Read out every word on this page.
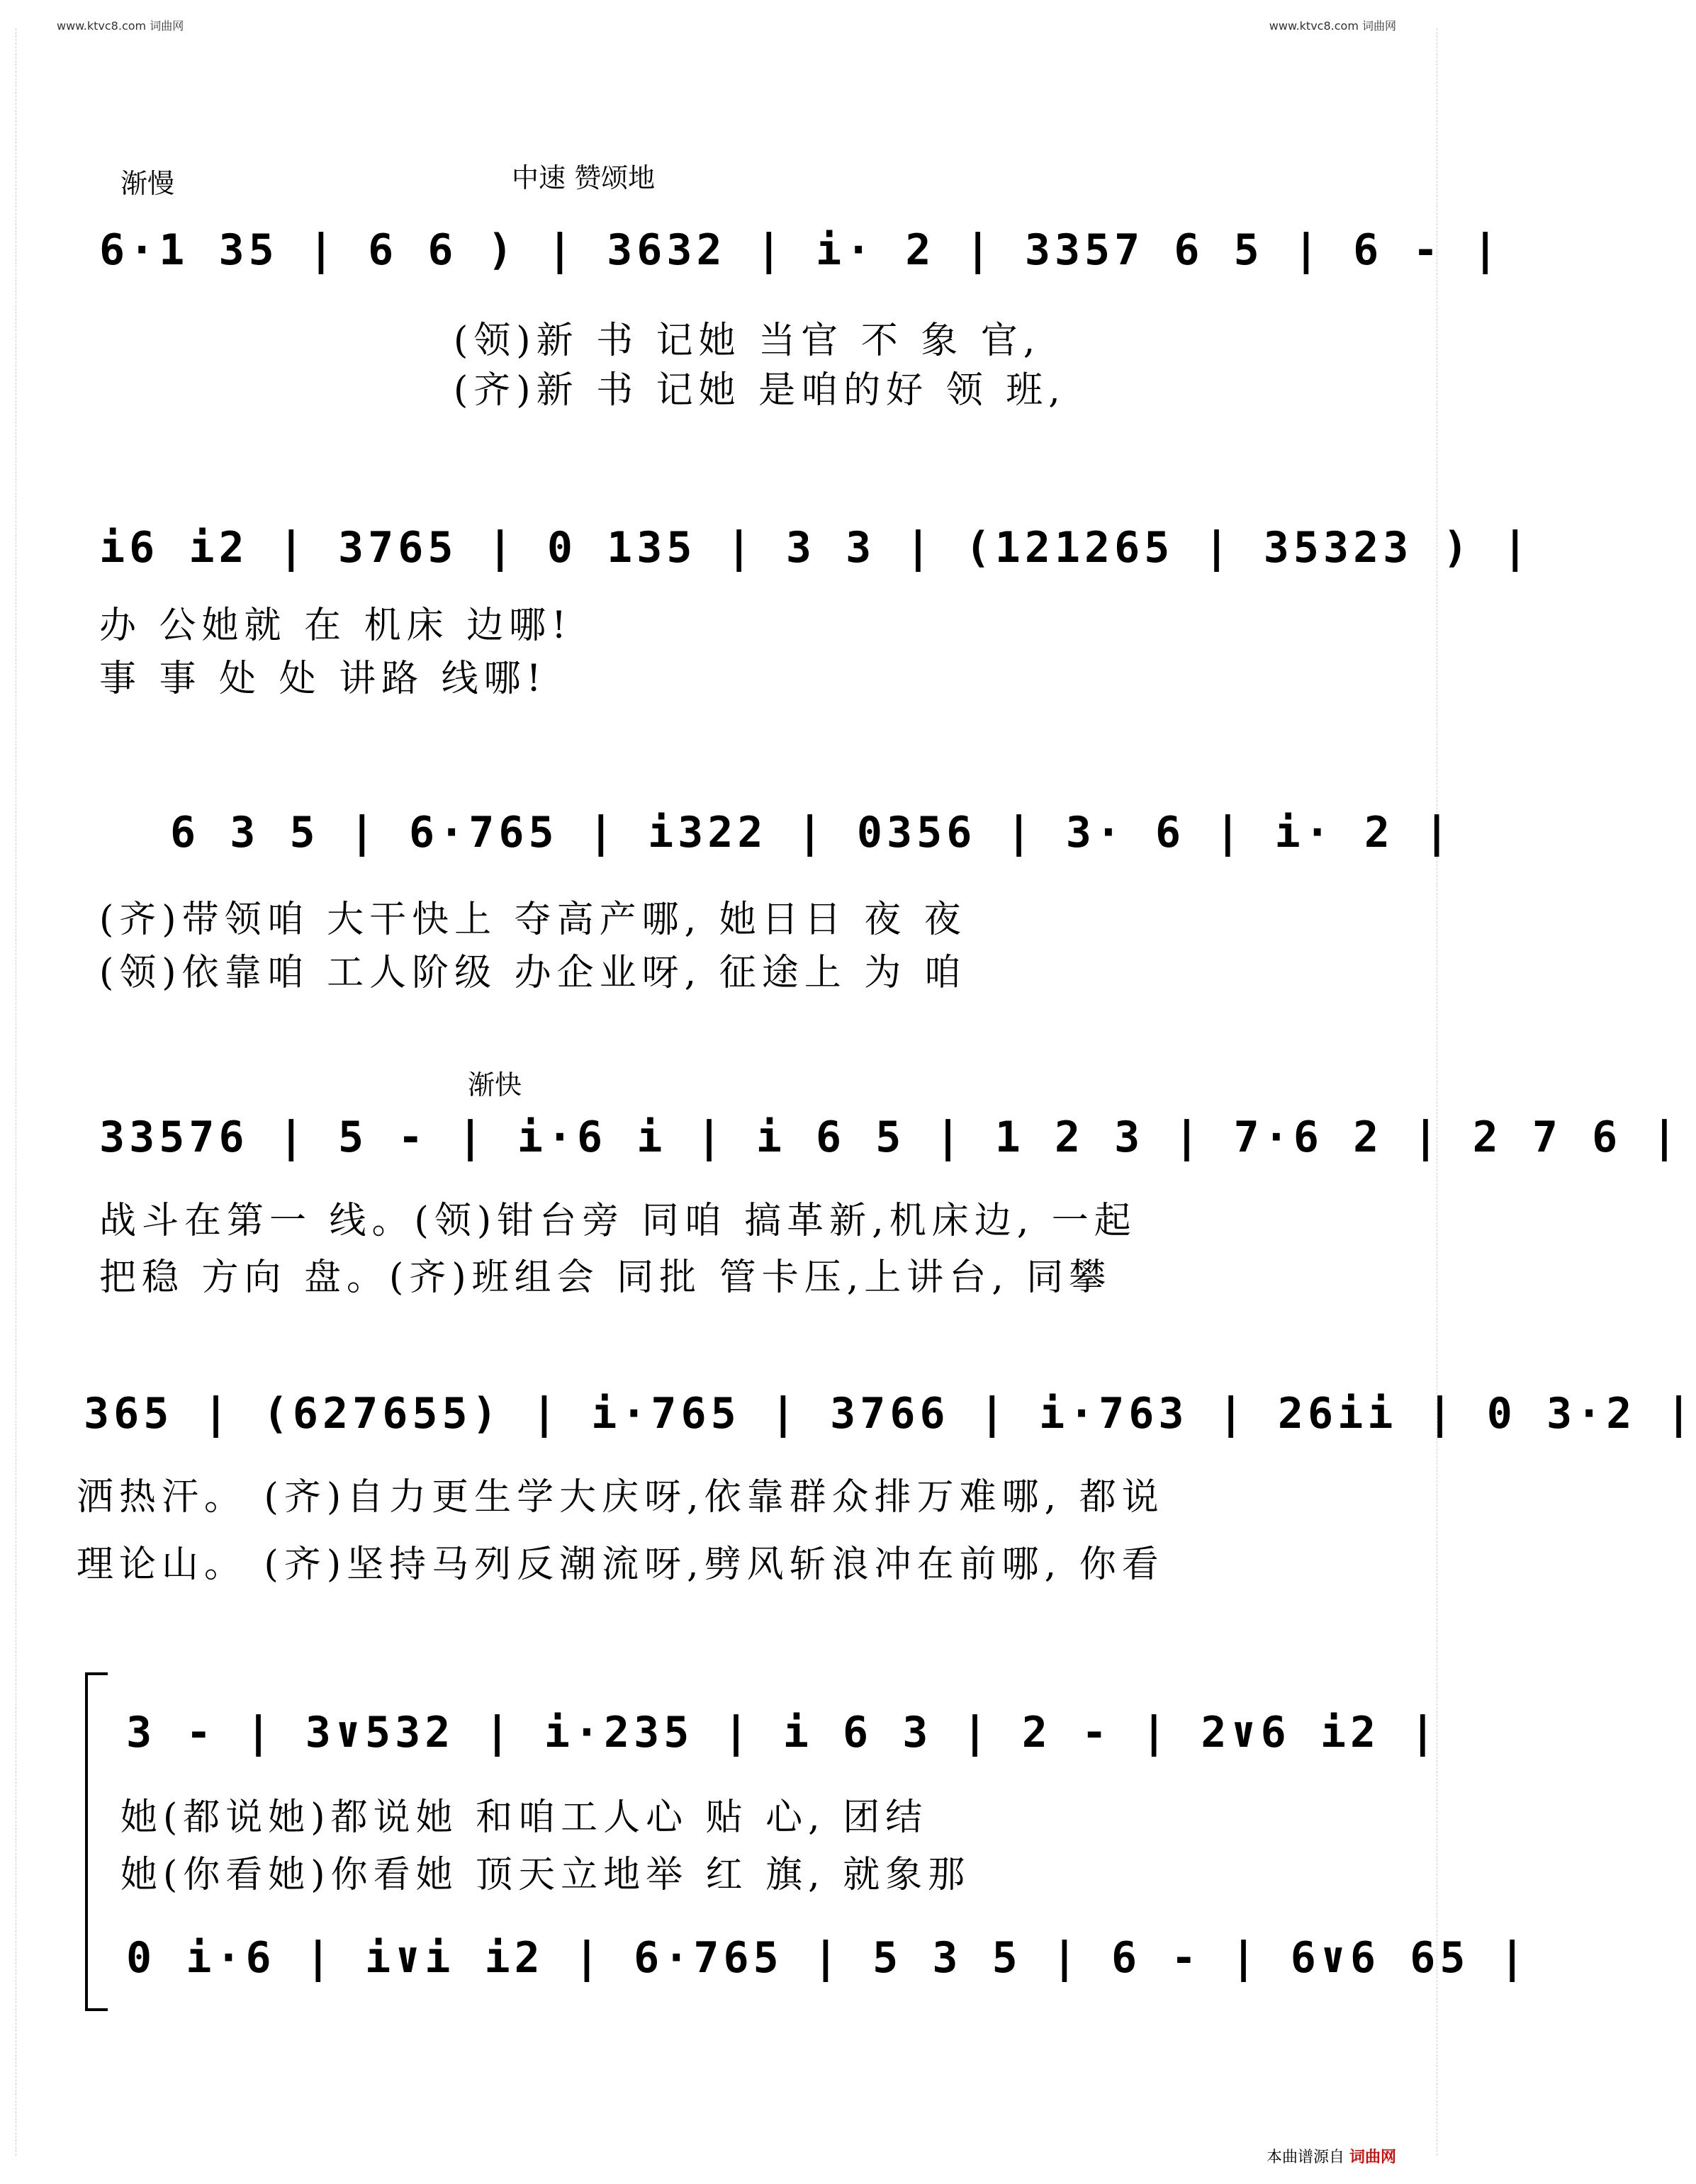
www.ktvc8.com 词曲网	www.ktvc8.com 词曲网
渐慢	中速 赞颂地
6·1 35 | 6 6 ) | 3632 | i· 2 | 3357 6 5 | 6 - |
(领)新 书 记她 当官 不 象 官,
(齐)新 书 记她 是咱的好 领 班,
i6 i2 | 3765 | 0 135 | 3 3 | (121265 | 35323 ) |
办 公她就 在 机床 边哪!
事 事 处 处 讲路 线哪!
6 3 5 | 6·765 | i322 | 0356 | 3· 6 | i· 2 |
(齐)带领咱 大干快上 夺高产哪, 她日日 夜 夜
(领)依靠咱 工人阶级 办企业呀, 征途上 为 咱
渐快
33576 | 5 - | i·6 i | i 6 5 | 1 2 3 | 7·6 2 | 2 7 6 |
战斗在第一 线。(领)钳台旁 同咱 搞革新,机床边, 一起
把稳 方向 盘。(齐)班组会 同批 管卡压,上讲台, 同攀
365 | (627655) | i·765 | 3766 | i·763 | 26ii | 0 3·2 |
洒热汗。 (齐)自力更生学大庆呀,依靠群众排万难哪, 都说
理论山。 (齐)坚持马列反潮流呀,劈风斩浪冲在前哪, 你看
3 - | 3∨532 | i·235 | i 6 3 | 2 - | 2∨6 i2 |
她(都说她)都说她 和咱工人心 贴 心, 团结
她(你看她)你看她 顶天立地举 红 旗, 就象那
0 i·6 | i∨i i2 | 6·765 | 5 3 5 | 6 - | 6∨6 65 |
本曲谱源自 词曲网
